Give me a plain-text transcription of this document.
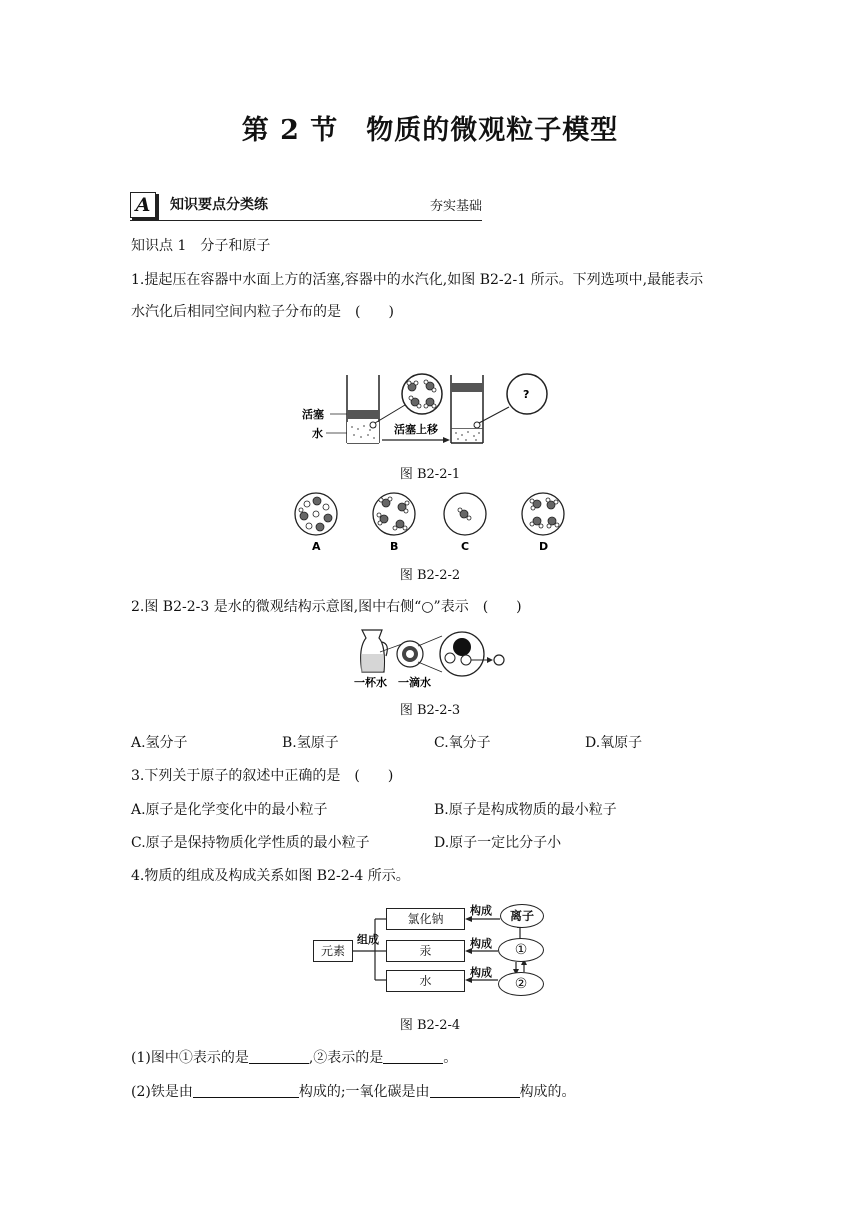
第 2 节　物质的微观粒子模型
A	知识要点分类练	夯实基础
知识点 1　分子和原子
1.提起压在容器中水面上方的活塞,容器中的水汽化,如图 B2-2-1 所示。下列选项中,最能表示
水汽化后相同空间内粒子分布的是　(　　)
活塞
水	活塞上移
?
图 B2-2-1
A	B	C	D
图 B2-2-2
2.图 B2-2-3 是水的微观结构示意图,图中右侧“○”表示　(　　)
一杯水 一滴水
图 B2-2-3
A.氢分子	B.氢原子	C.氧分子	D.氧原子
3.下列关于原子的叙述中正确的是　(　　)
A.原子是化学变化中的最小粒子	B.原子是构成物质的最小粒子
C.原子是保持物质化学性质的最小粒子	D.原子一定比分子小
4.物质的组成及构成关系如图 B2-2-4 所示。
元素
组成
氯化钠
汞
水
构成
构成
构成
离子
①
②
图 B2-2-4
(1)图中①表示的是	,②表示的是	。
(2)铁是由	构成的;一氧化碳是由	构成的。
